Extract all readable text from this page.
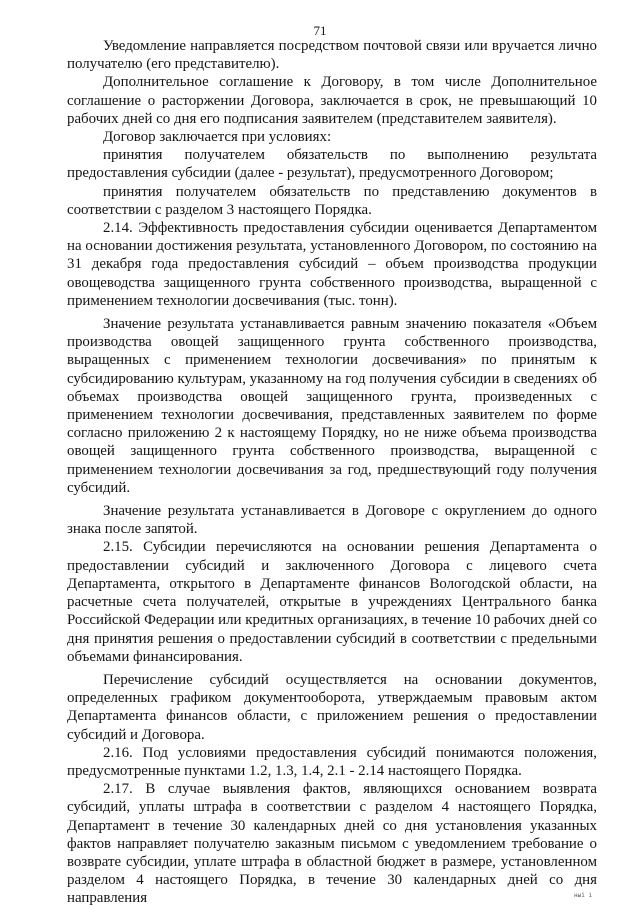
71

Уведомление направляется посредством почтовой связи или вручается лично получателю (его представителю).

Дополнительное соглашение к Договору, в том числе Дополнительное соглашение о расторжении Договора, заключается в срок, не превышающий 10 рабочих дней со дня его подписания заявителем (представителем заявителя).

Договор заключается при условиях:

принятия получателем обязательств по выполнению результата предоставления субсидии (далее - результат), предусмотренного Договором;

принятия получателем обязательств по представлению документов в соответствии с разделом 3 настоящего Порядка.

2.14. Эффективность предоставления субсидии оценивается Департаментом на основании достижения результата, установленного Договором, по состоянию на 31 декабря года предоставления субсидий – объем производства продукции овощеводства защищенного грунта собственного производства, выращенной с применением технологии досвечивания (тыс. тонн).

Значение результата устанавливается равным значению показателя «Объем производства овощей защищенного грунта собственного производства, выращенных с применением технологии досвечивания» по принятым к субсидированию культурам, указанному на год получения субсидии в сведениях об объемах производства овощей защищенного грунта, произведенных с применением технологии досвечивания, представленных заявителем по форме согласно приложению 2 к настоящему Порядку, но не ниже объема производства овощей защищенного грунта собственного производства, выращенной с применением технологии досвечивания за год, предшествующий году получения субсидий.

Значение результата устанавливается в Договоре с округлением до одного знака после запятой.

2.15. Субсидии перечисляются на основании решения Департамента о предоставлении субсидий и заключенного Договора с лицевого счета Департамента, открытого в Департаменте финансов Вологодской области, на расчетные счета получателей, открытые в учреждениях Центрального банка Российской Федерации или кредитных организациях, в течение 10 рабочих дней со дня принятия решения о предоставлении субсидий в соответствии с предельными объемами финансирования.

Перечисление субсидий осуществляется на основании документов, определенных графиком документооборота, утверждаемым правовым актом Департамента финансов области, с приложением решения о предоставлении субсидий и Договора.

2.16. Под условиями предоставления субсидий понимаются положения, предусмотренные пунктами 1.2, 1.3, 1.4, 2.1 - 2.14 настоящего Порядка.

2.17. В случае выявления фактов, являющихся основанием возврата субсидий, уплаты штрафа в соответствии с разделом 4 настоящего Порядка, Департамент в течение 30 календарных дней со дня установления указанных фактов направляет получателю заказным письмом с уведомлением требование о возврате субсидии, уплате штрафа в областной бюджет в размере, установленном разделом 4 настоящего Порядка, в течение 30 календарных дней со дня направления	ныі і
